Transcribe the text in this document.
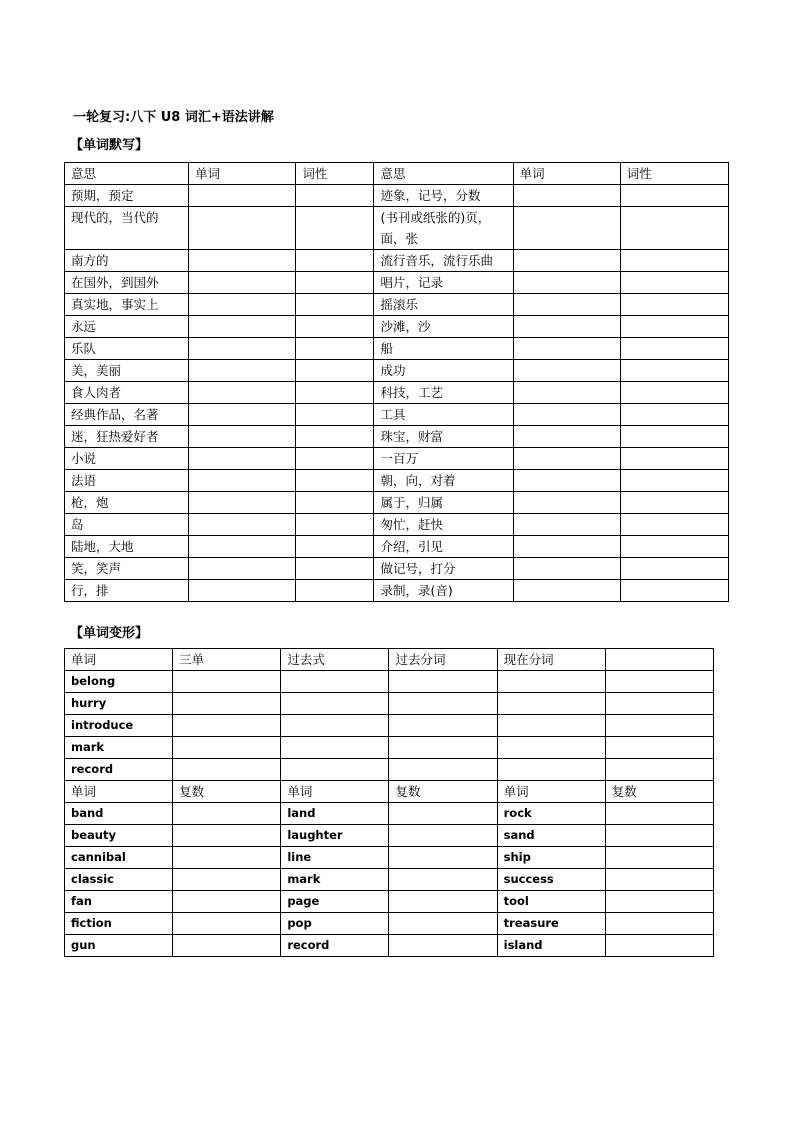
一轮复习:八下 U8 词汇+语法讲解
【单词默写】
意思	单词	词性	意思	单词	词性
预期，预定			迹象，记号，分数		
现代的，当代的			(书刊或纸张的)页，面，张		
南方的			流行音乐，流行乐曲		
在国外，到国外			唱片，记录		
真实地，事实上			摇滚乐		
永远			沙滩，沙		
乐队			船		
美，美丽			成功		
食人肉者			科技，工艺		
经典作品，名著			工具		
迷，狂热爱好者			珠宝，财富		
小说			一百万		
法语			朝，向，对着		
枪，炮			属于，归属		
岛			匆忙，赶快		
陆地，大地			介绍，引见		
笑，笑声			做记号，打分		
行，排			录制，录(音)		
【单词变形】
单词	三单	过去式	过去分词	现在分词	
belong					
hurry					
introduce					
mark					
record					
单词	复数	单词	复数	单词	复数
band		land		rock	
beauty		laughter		sand	
cannibal		line		ship	
classic		mark		success	
fan		page		tool	
fiction		pop		treasure	
gun		record		island	
